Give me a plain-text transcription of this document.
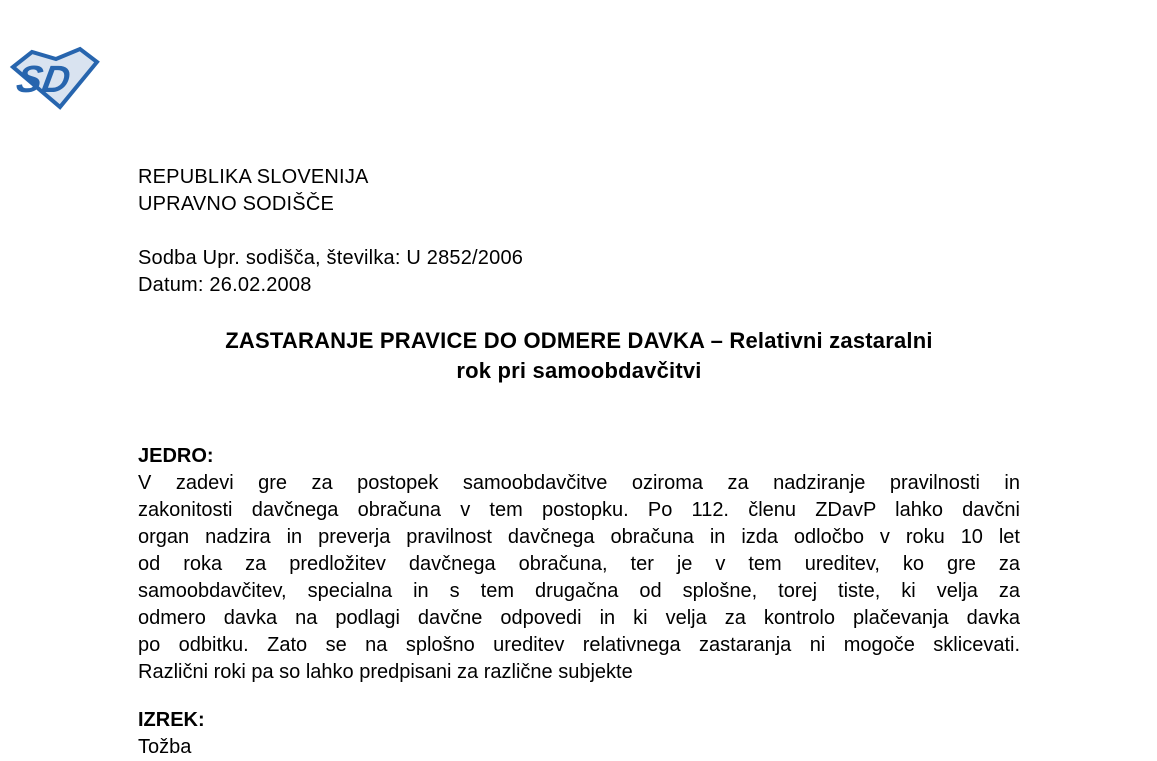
SD
REPUBLIKA SLOVENIJA
UPRAVNO SODIŠČE
Sodba Upr. sodišča, številka: U 2852/2006
Datum: 26.02.2008
ZASTARANJE PRAVICE DO ODMERE DAVKA – Relativni zastaralni
rok pri samoobdavčitvi
JEDRO:
V zadevi gre za postopek samoobdavčitve oziroma za nadziranje pravilnosti in
zakonitosti davčnega obračuna v tem postopku. Po 112. členu ZDavP lahko davčni
organ nadzira in preverja pravilnost davčnega obračuna in izda odločbo v roku 10 let
od roka za predložitev davčnega obračuna, ter je v tem ureditev, ko gre za
samoobdavčitev, specialna in s tem drugačna od splošne, torej tiste, ki velja za
odmero davka na podlagi davčne odpovedi in ki velja za kontrolo plačevanja davka
po odbitku. Zato se na splošno ureditev relativnega zastaranja ni mogoče sklicevati.
Različni roki pa so lahko predpisani za različne subjekte
IZREK:
Tožba
